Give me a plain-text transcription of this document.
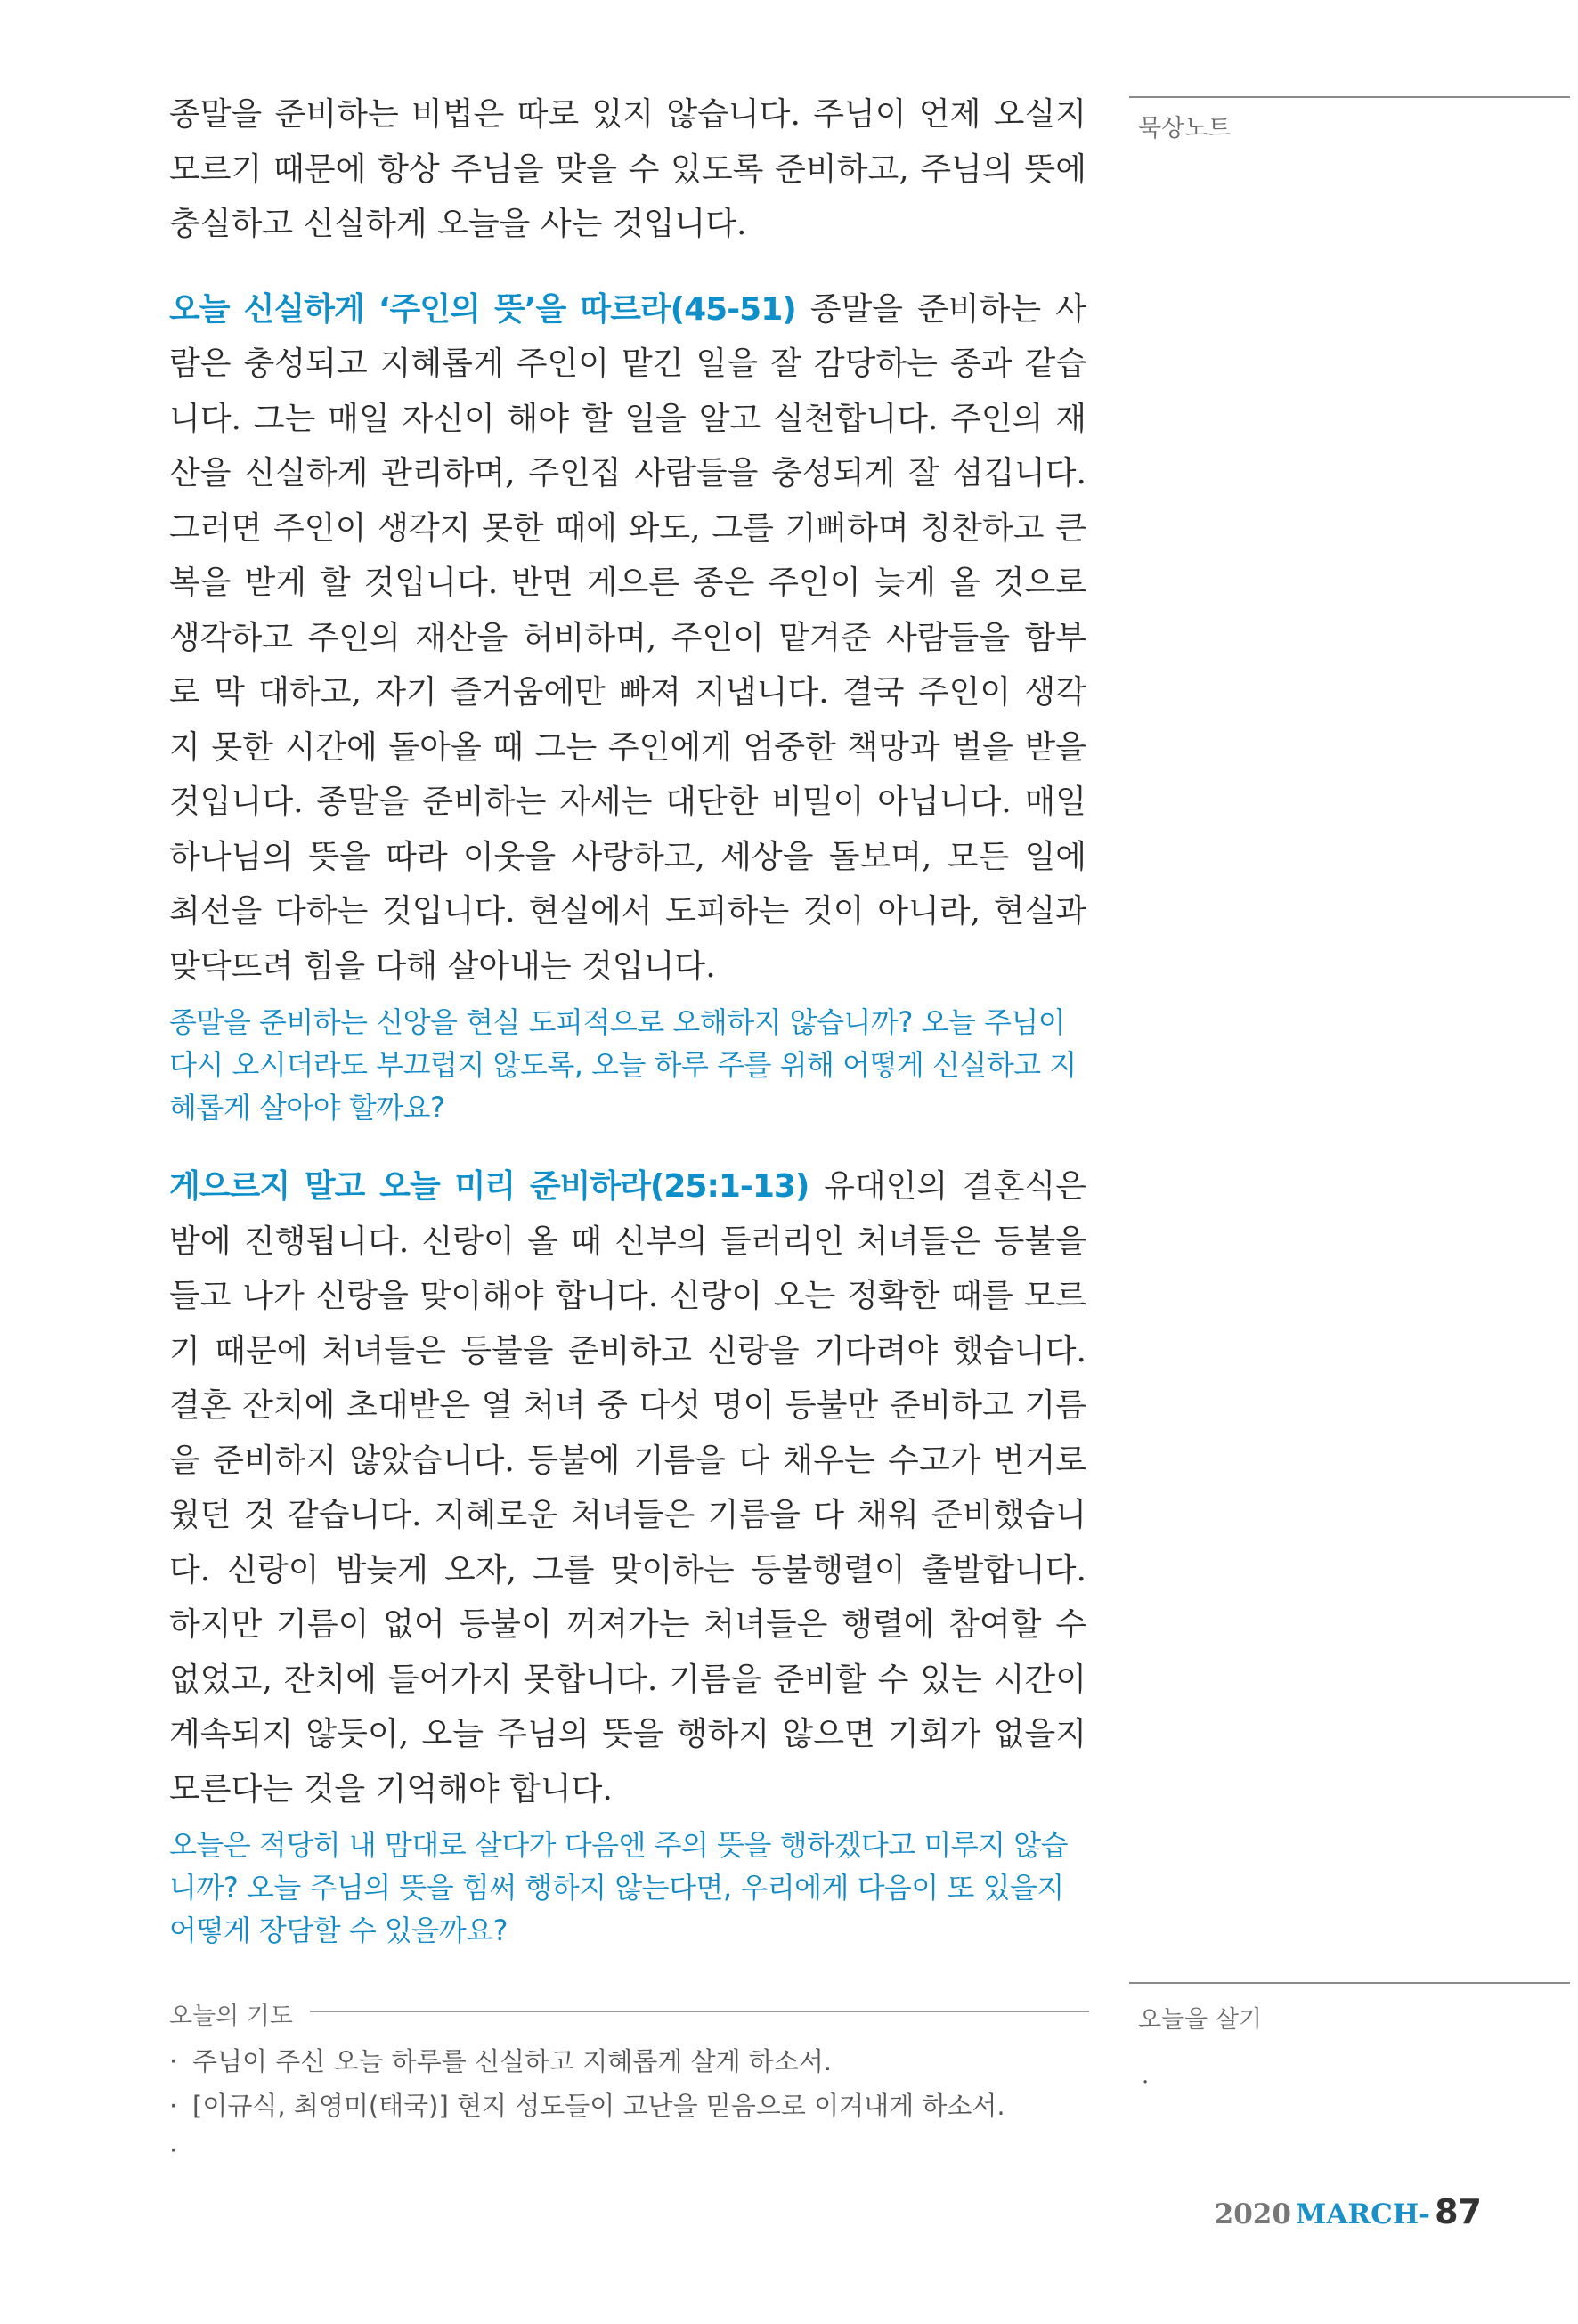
묵상노트

종말을 준비하는 비법은 따로 있지 않습니다. 주님이 언제 오실지 모르기 때문에 항상 주님을 맞을 수 있도록 준비하고, 주님의 뜻에 충실하고 신실하게 오늘을 사는 것입니다.

오늘 신실하게 ‘주인의 뜻’을 따르라(45-51) 종말을 준비하는 사람은 충성되고 지혜롭게 주인이 맡긴 일을 잘 감당하는 종과 같습니다. 그는 매일 자신이 해야 할 일을 알고 실천합니다. 주인의 재산을 신실하게 관리하며, 주인집 사람들을 충성되게 잘 섬깁니다. 그러면 주인이 생각지 못한 때에 와도, 그를 기뻐하며 칭찬하고 큰 복을 받게 할 것입니다. 반면 게으른 종은 주인이 늦게 올 것으로 생각하고 주인의 재산을 허비하며, 주인이 맡겨준 사람들을 함부로 막 대하고, 자기 즐거움에만 빠져 지냅니다. 결국 주인이 생각지 못한 시간에 돌아올 때 그는 주인에게 엄중한 책망과 벌을 받을 것입니다. 종말을 준비하는 자세는 대단한 비밀이 아닙니다. 매일 하나님의 뜻을 따라 이웃을 사랑하고, 세상을 돌보며, 모든 일에 최선을 다하는 것입니다. 현실에서 도피하는 것이 아니라, 현실과 맞닥뜨려 힘을 다해 살아내는 것입니다.

종말을 준비하는 신앙을 현실 도피적으로 오해하지 않습니까? 오늘 주님이 다시 오시더라도 부끄럽지 않도록, 오늘 하루 주를 위해 어떻게 신실하고 지혜롭게 살아야 할까요?

게으르지 말고 오늘 미리 준비하라(25:1-13) 유대인의 결혼식은 밤에 진행됩니다. 신랑이 올 때 신부의 들러리인 처녀들은 등불을 들고 나가 신랑을 맞이해야 합니다. 신랑이 오는 정확한 때를 모르기 때문에 처녀들은 등불을 준비하고 신랑을 기다려야 했습니다. 결혼 잔치에 초대받은 열 처녀 중 다섯 명이 등불만 준비하고 기름을 준비하지 않았습니다. 등불에 기름을 다 채우는 수고가 번거로웠던 것 같습니다. 지혜로운 처녀들은 기름을 다 채워 준비했습니다. 신랑이 밤늦게 오자, 그를 맞이하는 등불행렬이 출발합니다. 하지만 기름이 없어 등불이 꺼져가는 처녀들은 행렬에 참여할 수 없었고, 잔치에 들어가지 못합니다. 기름을 준비할 수 있는 시간이 계속되지 않듯이, 오늘 주님의 뜻을 행하지 않으면 기회가 없을지 모른다는 것을 기억해야 합니다.

오늘은 적당히 내 맘대로 살다가 다음엔 주의 뜻을 행하겠다고 미루지 않습니까? 오늘 주님의 뜻을 힘써 행하지 않는다면, 우리에게 다음이 또 있을지 어떻게 장담할 수 있을까요?

오늘의 기도
· 주님이 주신 오늘 하루를 신실하고 지혜롭게 살게 하소서.
· [이규식, 최영미(태국)] 현지 성도들이 고난을 믿음으로 이겨내게 하소서.
·
오늘을 살기
·
2020 MARCH- 87
